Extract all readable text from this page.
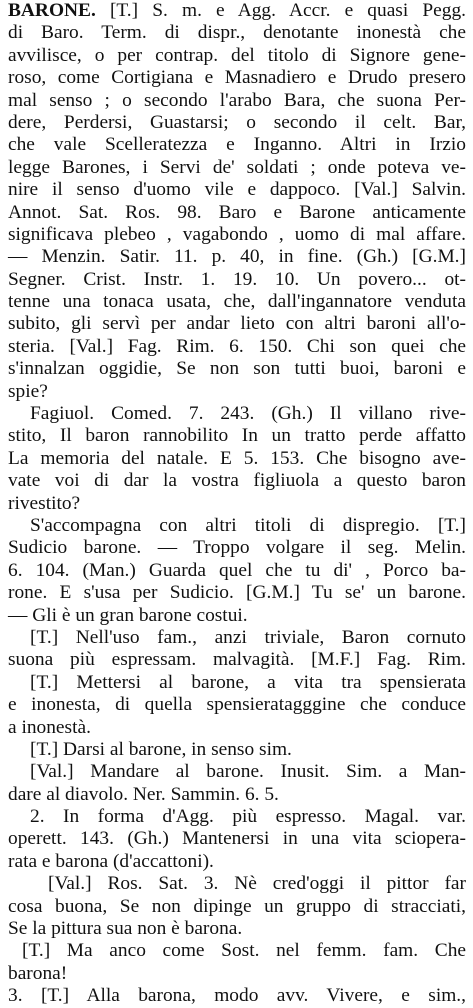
BARONE. [T.] S. m. e Agg. Accr. e quasi Pegg.
di Baro. Term. di dispr., denotante inonestà che
avvilisce, o per contrap. del titolo di Signore gene-
roso, come Cortigiana e Masnadiero e Drudo presero
mal senso ; o secondo l'arabo Bara, che suona Per-
dere, Perdersi, Guastarsi; o secondo il celt. Bar,
che vale Scelleratezza e Inganno. Altri in Irzio
legge Barones, i Servi de' soldati ; onde poteva ve-
nire il senso d'uomo vile e dappoco. [Val.] Salvin.
Annot. Sat. Ros. 98. Baro e Barone anticamente
significava plebeo , vagabondo , uomo di mal affare.
— Menzin. Satir. 11. p. 40, in fine. (Gh.) [G.M.]
Segner. Crist. Instr. 1. 19. 10. Un povero... ot-
tenne una tonaca usata, che, dall'ingannatore venduta
subito, gli servì per andar lieto con altri baroni all'o-
steria. [Val.] Fag. Rim. 6. 150. Chi son quei che
s'innalzan oggidie, Se non son tutti buoi, baroni e
spie?
Fagiuol. Comed. 7. 243. (Gh.) Il villano rive-
stito, Il baron rannobilito In un tratto perde affatto
La memoria del natale. E 5. 153. Che bisogno ave-
vate voi di dar la vostra figliuola a questo baron
rivestito?
S'accompagna con altri titoli di dispregio. [T.]
Sudicio barone. — Troppo volgare il seg. Melin.
6. 104. (Man.) Guarda quel che tu di' , Porco ba-
rone. E s'usa per Sudicio. [G.M.] Tu se' un barone.
— Gli è un gran barone costui.
[T.] Nell'uso fam., anzi triviale, Baron cornuto
suona più espressam. malvagità. [M.F.] Fag. Rim.
[T.] Mettersi al barone, a vita tra spensierata
e inonesta, di quella spensieratagggine che conduce
a inonestà.
[T.] Darsi al barone, in senso sim.
[Val.] Mandare al barone. Inusit. Sim. a Man-
dare al diavolo. Ner. Sammin. 6. 5.
2. In forma d'Agg. più espresso. Magal. var.
operett. 143. (Gh.) Mantenersi in una vita sciopera-
rata e barona (d'accattoni).
[Val.] Ros. Sat. 3. Nè cred'oggi il pittor far
cosa buona, Se non dipinge un gruppo di stracciati,
Se la pittura sua non è barona.
[T.] Ma anco come Sost. nel femm. fam. Che
barona!
3. [T.] Alla barona, modo avv. Vivere, e sim.,
